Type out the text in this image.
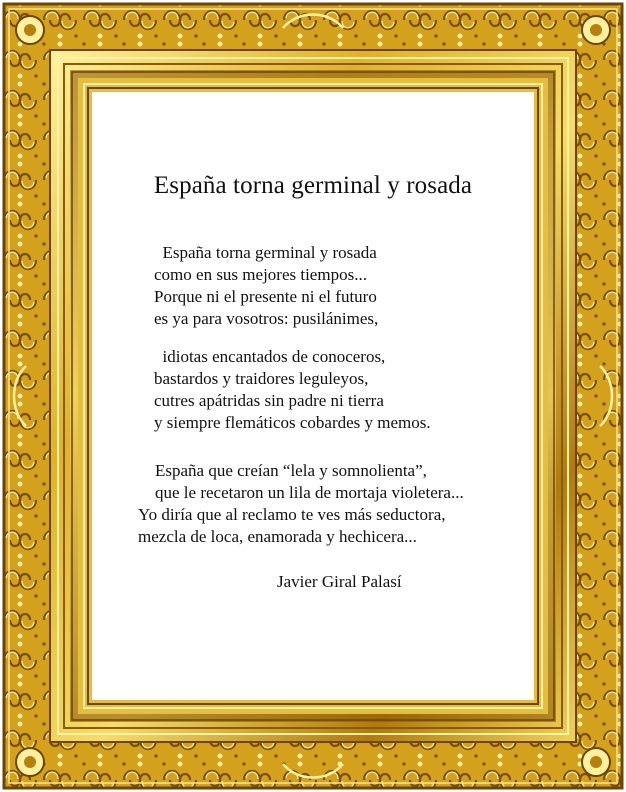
España torna germinal y rosada
España torna germinal y rosada
como en sus mejores tiempos...
Porque ni el presente ni el futuro
es ya para vosotros: pusilánimes,
idiotas encantados de conoceros,
bastardos y traidores leguleyos,
cutres apátridas sin padre ni tierra
y siempre flemáticos cobardes y memos.
España que creían “lela y somnolienta”,
que le recetaron un lila de mortaja violetera...
Yo diría que al reclamo te ves más seductora,
mezcla de loca, enamorada y hechicera...
Javier Giral Palasí
